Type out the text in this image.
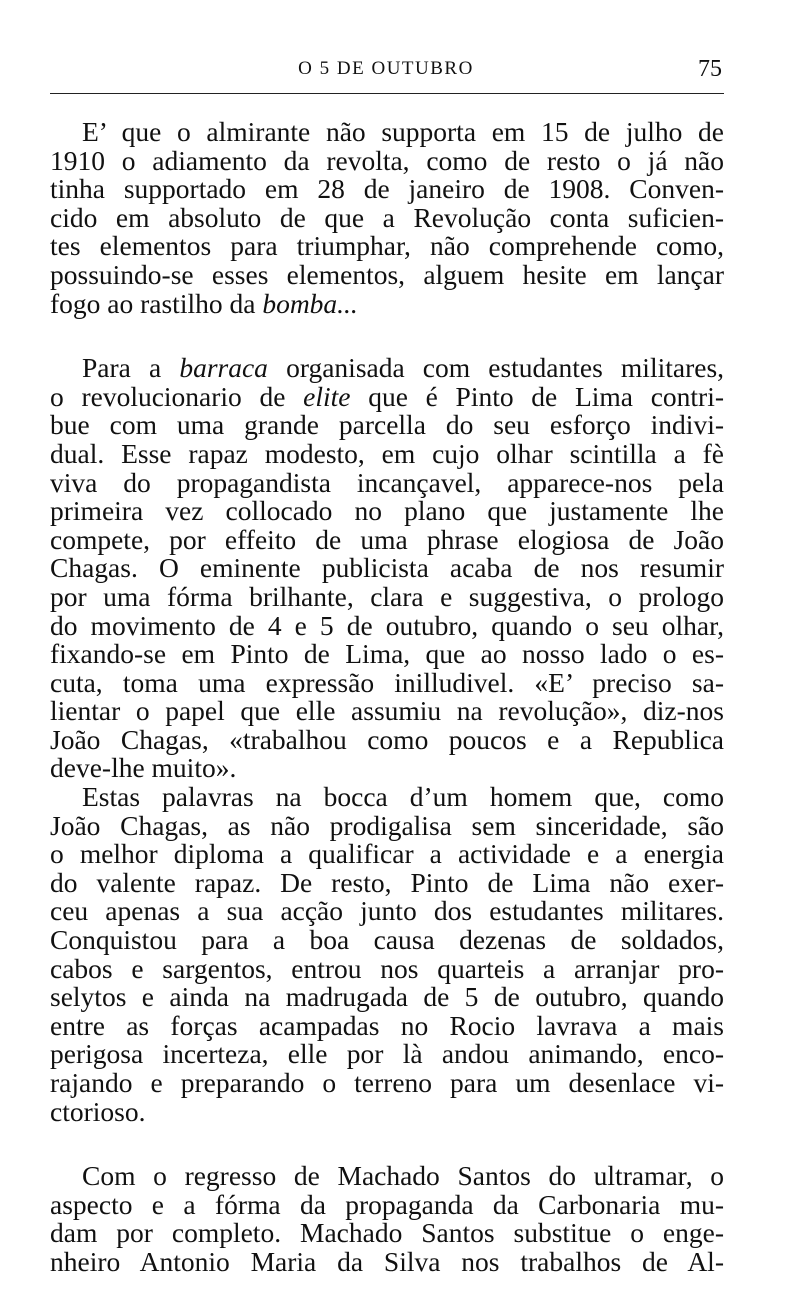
O 5 DE OUTUBRO	75
E’ que o almirante não supporta em 15 de julho de
1910 o adiamento da revolta, como de resto o já não
tinha supportado em 28 de janeiro de 1908. Conven-
cido em absoluto de que a Revolução conta suficien-
tes elementos para triumphar, não comprehende como,
possuindo-se esses elementos, alguem hesite em lançar
fogo ao rastilho da bomba...
Para a barraca organisada com estudantes militares,
o revolucionario de elite que é Pinto de Lima contri-
bue com uma grande parcella do seu esforço indivi-
dual. Esse rapaz modesto, em cujo olhar scintilla a fè
viva do propagandista incançavel, apparece-nos pela
primeira vez collocado no plano que justamente lhe
compete, por effeito de uma phrase elogiosa de João
Chagas. O eminente publicista acaba de nos resumir
por uma fórma brilhante, clara e suggestiva, o prologo
do movimento de 4 e 5 de outubro, quando o seu olhar,
fixando-se em Pinto de Lima, que ao nosso lado o es-
cuta, toma uma expressão inilludivel. «E’ preciso sa-
lientar o papel que elle assumiu na revolução», diz-nos
João Chagas, «trabalhou como poucos e a Republica
deve-lhe muito».
Estas palavras na bocca d’um homem que, como
João Chagas, as não prodigalisa sem sinceridade, são
o melhor diploma a qualificar a actividade e a energia
do valente rapaz. De resto, Pinto de Lima não exer-
ceu apenas a sua acção junto dos estudantes militares.
Conquistou para a boa causa dezenas de soldados,
cabos e sargentos, entrou nos quarteis a arranjar pro-
selytos e ainda na madrugada de 5 de outubro, quando
entre as forças acampadas no Rocio lavrava a mais
perigosa incerteza, elle por là andou animando, enco-
rajando e preparando o terreno para um desenlace vi-
ctorioso.
Com o regresso de Machado Santos do ultramar, o
aspecto e a fórma da propaganda da Carbonaria mu-
dam por completo. Machado Santos substitue o enge-
nheiro Antonio Maria da Silva nos trabalhos de Al-
